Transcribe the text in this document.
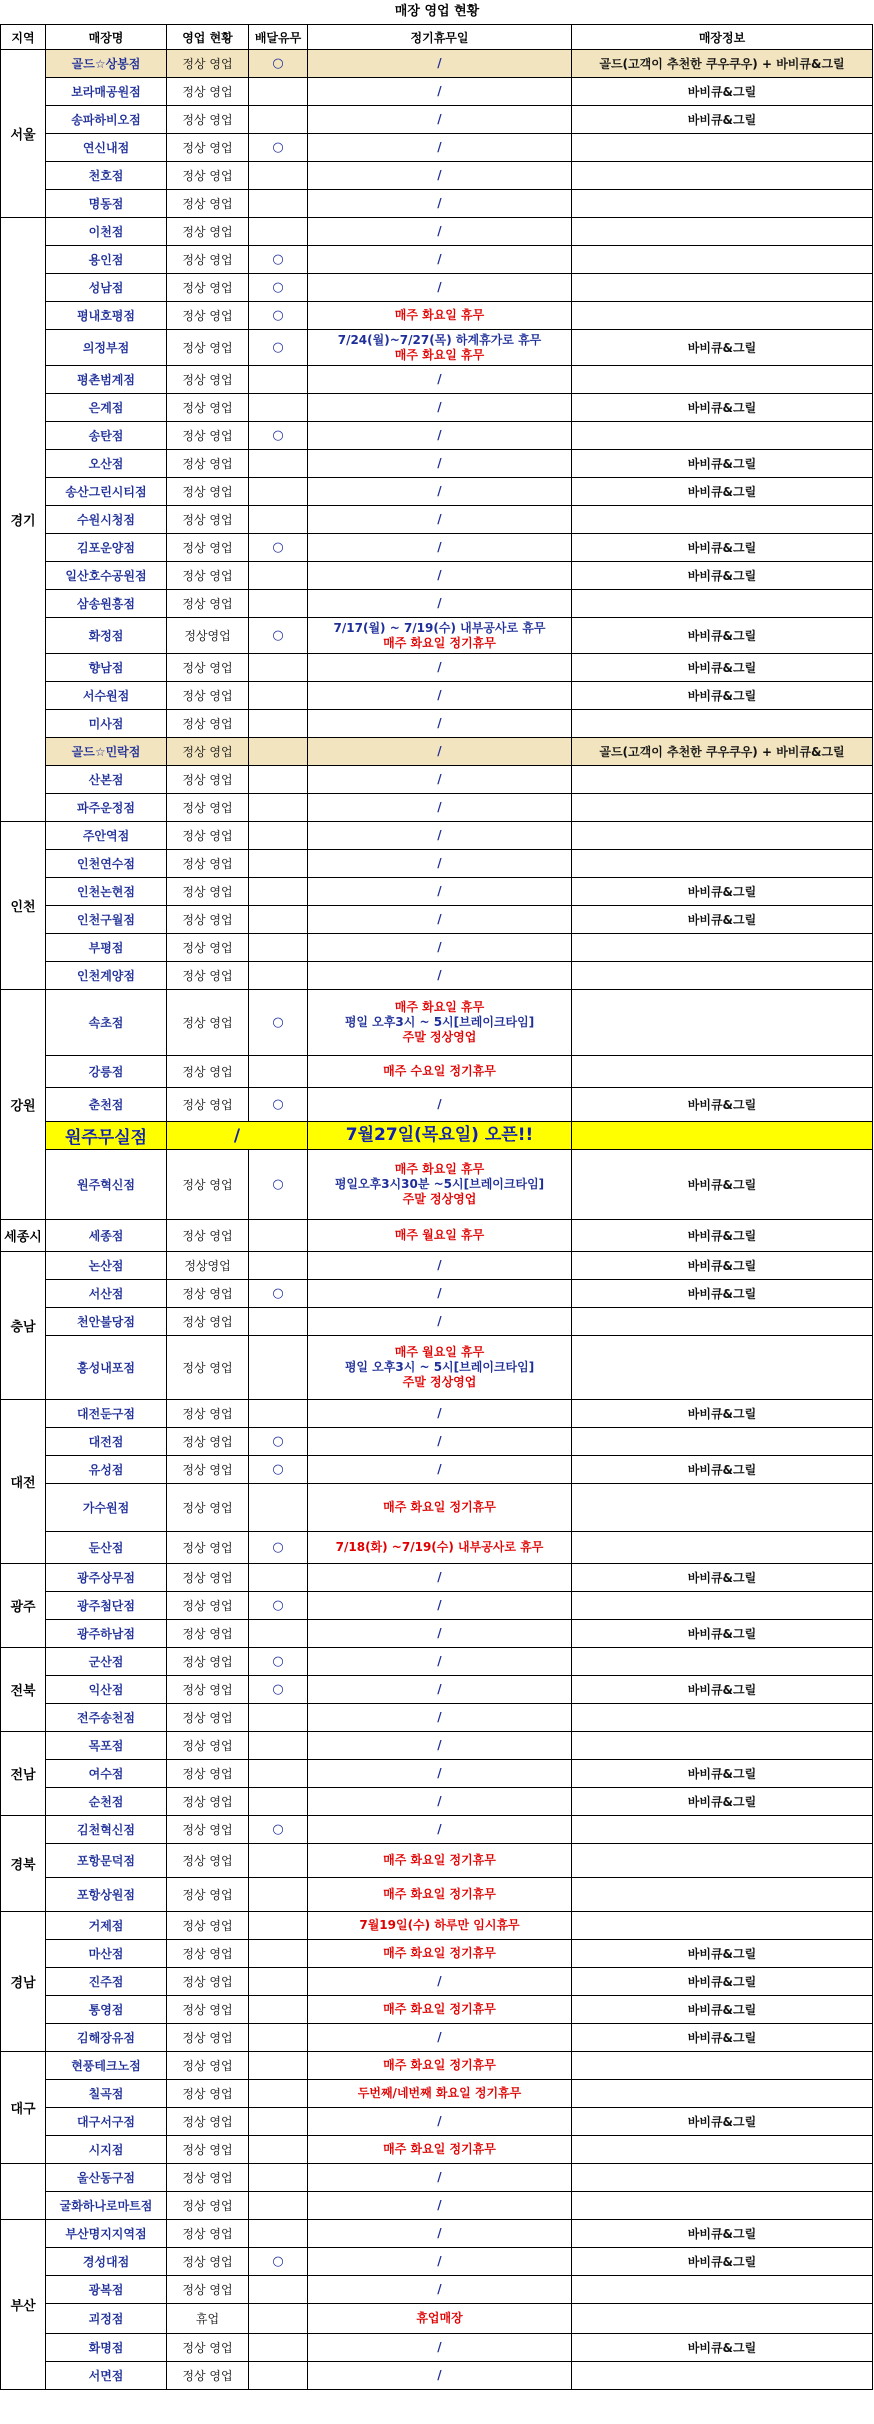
매장 영업 현황
지역	매장명	영업 현황	배달유무	정기휴무일	매장정보
서울	골드☆상봉점	정상 영업	○	/	골드(고객이 추천한 쿠우쿠우) + 바비큐&그릴
	보라매공원점	정상 영업		/	바비큐&그릴
	송파하비오점	정상 영업		/	바비큐&그릴
	연신내점	정상 영업	○	/	
	천호점	정상 영업		/	
	명동점	정상 영업		/	
경기	이천점	정상 영업		/	
	용인점	정상 영업	○	/	
	성남점	정상 영업	○	/	
	평내호평점	정상 영업	○	매주 화요일 휴무	
	의정부점	정상 영업	○	7/24(월)~7/27(목) 하계휴가로 휴무
매주 화요일 휴무	바비큐&그릴
	평촌범계점	정상 영업		/	
	은계점	정상 영업		/	바비큐&그릴
	송탄점	정상 영업	○	/	
	오산점	정상 영업		/	바비큐&그릴
	송산그린시티점	정상 영업		/	바비큐&그릴
	수원시청점	정상 영업		/	
	김포운양점	정상 영업	○	/	바비큐&그릴
	일산호수공원점	정상 영업		/	바비큐&그릴
	삼송원흥점	정상 영업		/	
	화정점	정상영업	○	7/17(월) ~ 7/19(수) 내부공사로 휴무
매주 화요일 정기휴무	바비큐&그릴
	향남점	정상 영업		/	바비큐&그릴
	서수원점	정상 영업		/	바비큐&그릴
	미사점	정상 영업		/	
	골드☆민락점	정상 영업		/	골드(고객이 추천한 쿠우쿠우) + 바비큐&그릴
	산본점	정상 영업		/	
	파주운정점	정상 영업		/	
인천	주안역점	정상 영업		/	
	인천연수점	정상 영업		/	
	인천논현점	정상 영업		/	바비큐&그릴
	인천구월점	정상 영업		/	바비큐&그릴
	부평점	정상 영업		/	
	인천계양점	정상 영업		/	
강원	속초점	정상 영업	○	매주 화요일 휴무
평일 오후3시 ~ 5시[브레이크타임]
주말 정상영업	
	강릉점	정상 영업		매주 수요일 정기휴무	
	춘천점	정상 영업	○	/	바비큐&그릴
	원주무실점	/		7월27일(목요일) 오픈!!	
	원주혁신점	정상 영업	○	매주 화요일 휴무
평일오후3시30분 ~5시[브레이크타임]
주말 정상영업	바비큐&그릴
세종시	세종점	정상 영업		매주 월요일 휴무	바비큐&그릴
충남	논산점	정상영업		/	바비큐&그릴
	서산점	정상 영업	○	/	바비큐&그릴
	천안불당점	정상 영업		/	
	홍성내포점	정상 영업		매주 월요일 휴무
평일 오후3시 ~ 5시[브레이크타임]
주말 정상영업	
대전	대전둔구점	정상 영업		/	바비큐&그릴
	대전점	정상 영업	○	/	
	유성점	정상 영업	○	/	바비큐&그릴
	가수원점	정상 영업		매주 화요일 정기휴무	
	둔산점	정상 영업	○	7/18(화) ~7/19(수) 내부공사로 휴무	
광주	광주상무점	정상 영업		/	바비큐&그릴
	광주첨단점	정상 영업	○	/	
	광주하남점	정상 영업		/	바비큐&그릴
전북	군산점	정상 영업	○	/	
	익산점	정상 영업	○	/	바비큐&그릴
	전주송천점	정상 영업		/	
전남	목포점	정상 영업		/	
	여수점	정상 영업		/	바비큐&그릴
	순천점	정상 영업		/	바비큐&그릴
경북	김천혁신점	정상 영업	○	/	
	포항문덕점	정상 영업		매주 화요일 정기휴무	
	포항상원점	정상 영업		매주 화요일 정기휴무	
경남	거제점	정상 영업		7월19일(수) 하루만 임시휴무	
	마산점	정상 영업		매주 화요일 정기휴무	바비큐&그릴
	진주점	정상 영업		/	바비큐&그릴
	통영점	정상 영업		매주 화요일 정기휴무	바비큐&그릴
	김해장유점	정상 영업		/	바비큐&그릴
대구	현풍테크노점	정상 영업		매주 화요일 정기휴무	
	칠곡점	정상 영업		두번째/네번째 화요일 정기휴무	
	대구서구점	정상 영업		/	바비큐&그릴
	시지점	정상 영업		매주 화요일 정기휴무	
	울산동구점	정상 영업		/	
	굴화하나로마트점	정상 영업		/	
부산	부산명지지역점	정상 영업		/	바비큐&그릴
	경성대점	정상 영업	○	/	바비큐&그릴
	광복점	정상 영업		/	
	괴정점	휴업		휴업매장	
	화명점	정상 영업		/	바비큐&그릴
	서면점	정상 영업		/	
